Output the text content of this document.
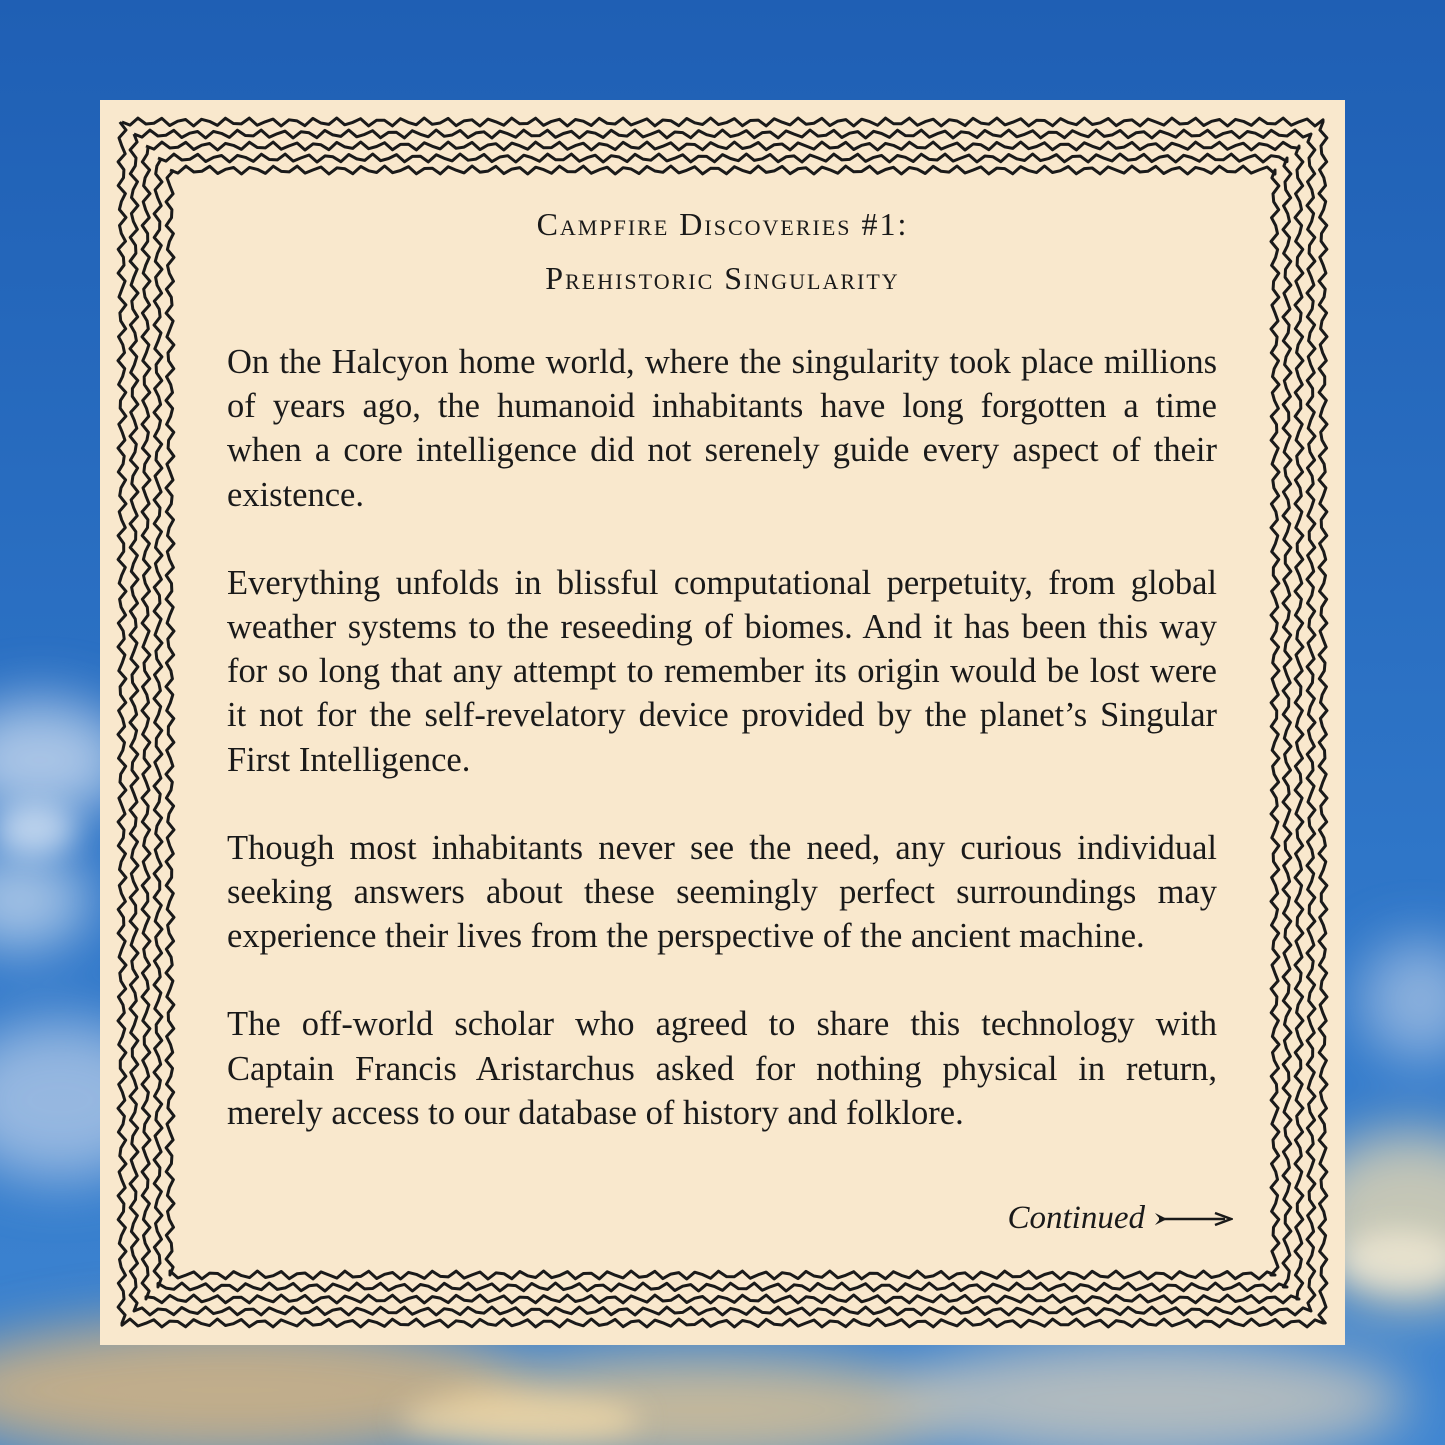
Campfire Discoveries #1:
Prehistoric Singularity

On the Halcyon home world, where the singularity took place millions of years ago, the humanoid inhabitants have long forgotten a time when a core intelligence did not serenely guide every aspect of their existence.

Everything unfolds in blissful computational perpetuity, from global weather systems to the reseeding of biomes. And it has been this way for so long that any attempt to remember its origin would be lost were it not for the self-revelatory device provided by the planet’s Singular First Intelligence.

Though most inhabitants never see the need, any curious individual seeking answers about these seemingly perfect surroundings may experience their lives from the perspective of the ancient machine.

The off-world scholar who agreed to share this technology with Captain Francis Aristarchus asked for nothing physical in return, merely access to our database of history and folklore.

Continued
